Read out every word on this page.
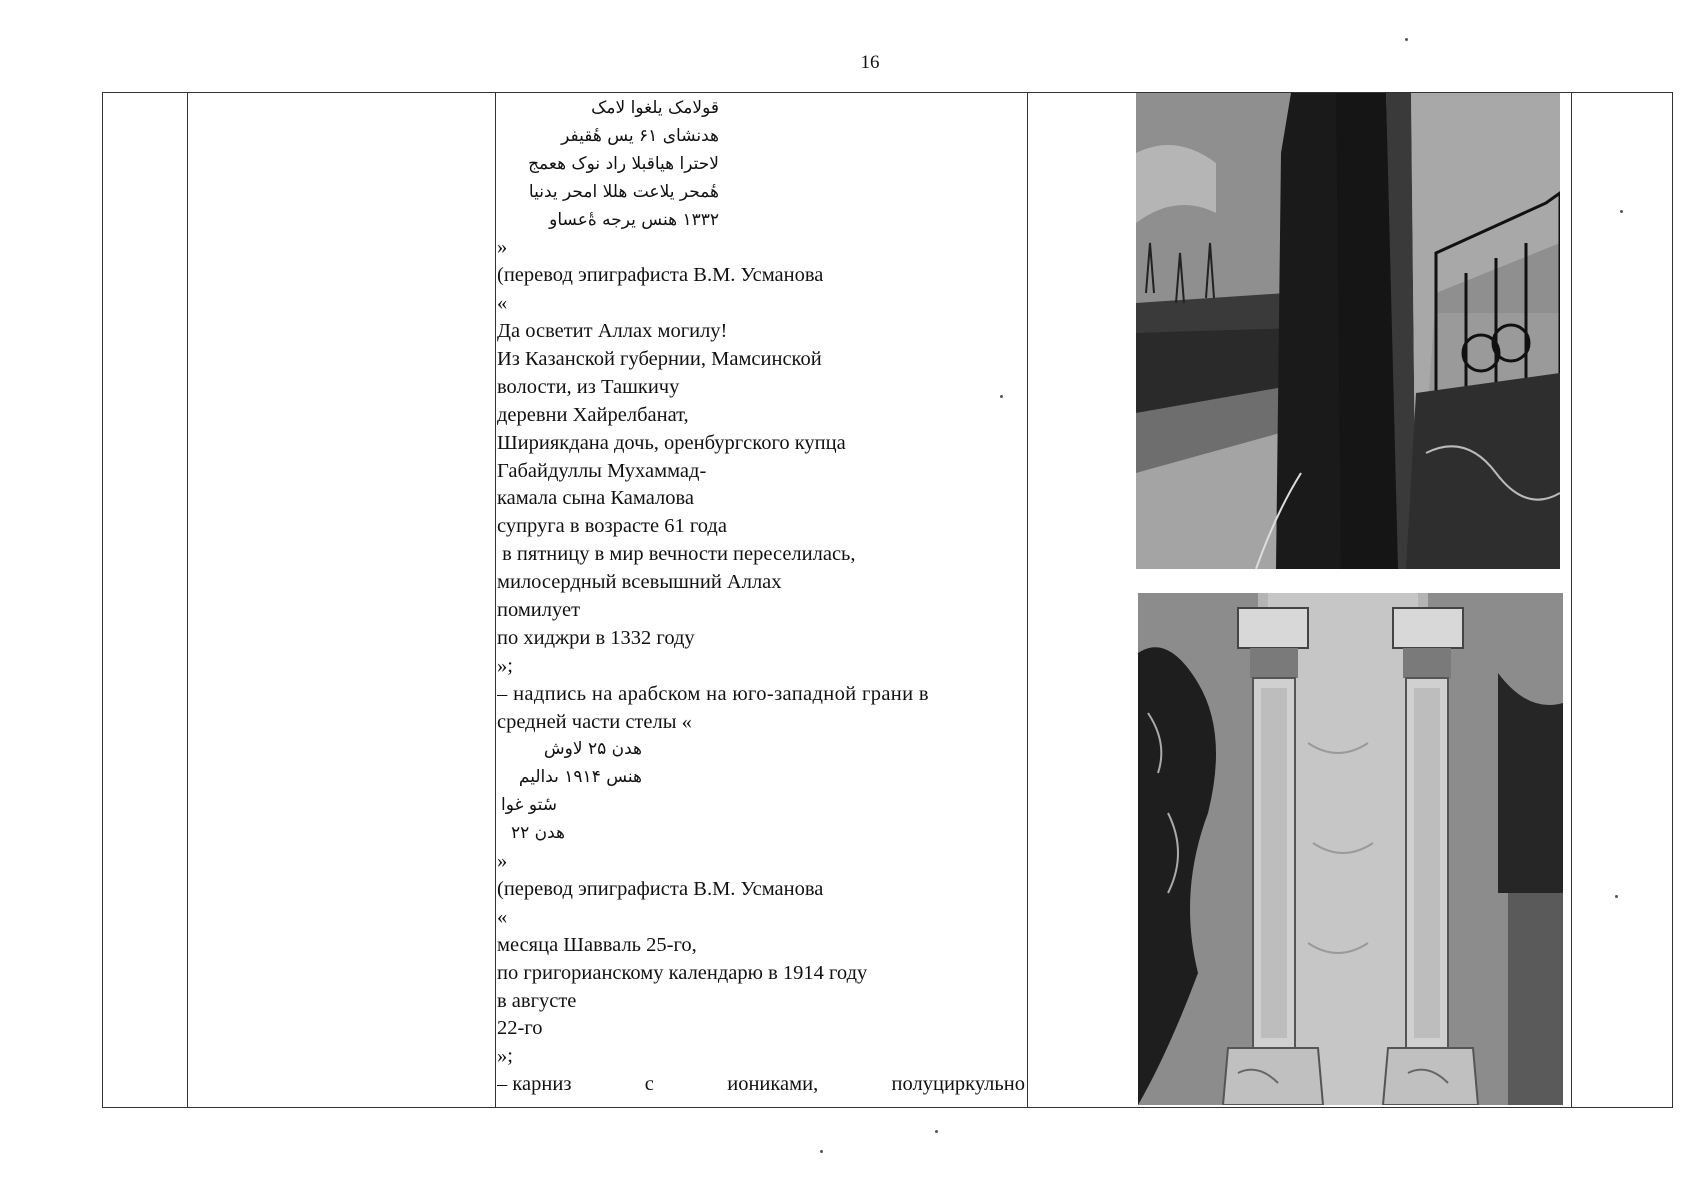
16
قولامک یلغوا لامک
هدنشای ۶۱ یس هٔقیفر
لاحترا هیاقبلا راد نوک هعمج
هٔمحر یلاعت هللا امحر یدنیا
۱۳۳۲ هنس یرجه ةٔعساو
»
(перевод эпиграфиста В.М. Усманова
«
Да осветит Аллах могилу!
Из Казанской губернии, Мамсинской
волости, из Ташкичу
деревни Хайрелбанат,
Шириякдана дочь, оренбургского купца
Габайдуллы Мухаммад-
камала сына Камалова
супруга в возрасте 61 года
в пятницу в мир вечности переселилась,
милосердный всевышний Аллах
помилует
по хиджри в 1332 году
»;
– надпись на арабском на юго-западной грани в
средней части стелы «
هدن ۲۵ لاوش
هنس ۱۹۱۴ ىدالیم
سٔتو غوا
هدن ۲۲
»
(перевод эпиграфиста В.М. Усманова
«
месяца Шавваль 25-го,
по григорианскому календарю в 1914 году
в августе
22-го
»;
– карниз	с	иониками,	полуциркульно
